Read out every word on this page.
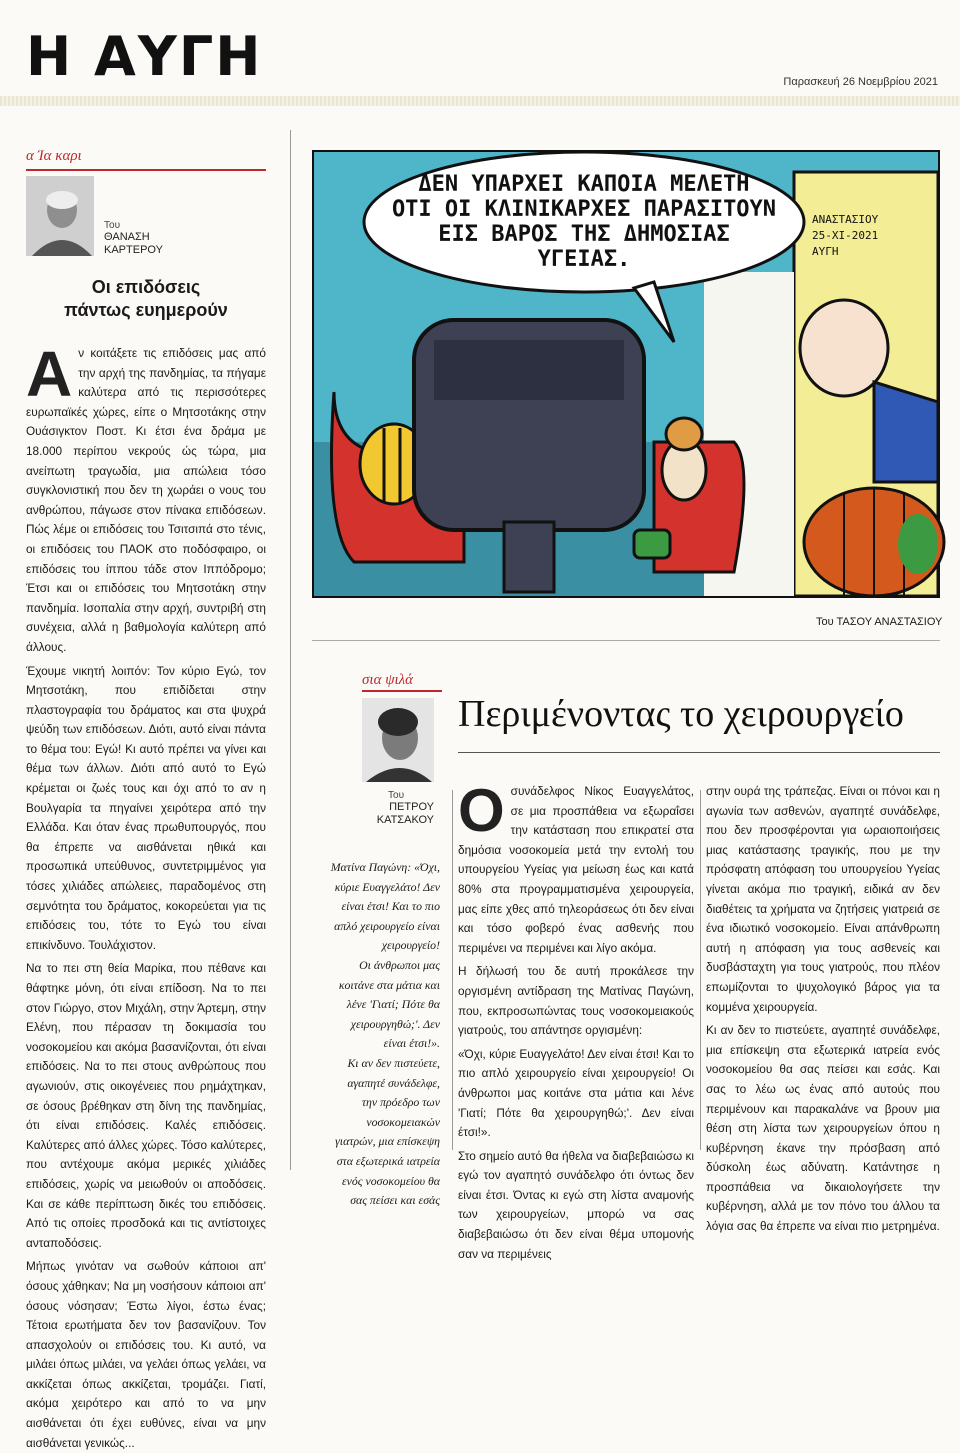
Η ΑΥΓΗ	Παρασκευή 26 Νοεμβρίου 2021
α Ία καρι
Του
ΘΑΝΑΣΗ
ΚΑΡΤΕΡΟΥ
Οι επιδόσεις
πάντως ευημερούν

Αν κοιτάξετε τις επιδόσεις μας από την αρχή της πανδημίας, τα πήγαμε καλύτερα από τις περισσότερες ευρωπαϊκές χώρες, είπε ο Μητσοτάκης στην Ουάσιγκτον Ποστ. Κι έτσι ένα δράμα με 18.000 περίπου νεκρούς ώς τώρα, μια ανείπωτη τραγωδία, μια απώλεια τόσο συγκλονιστική που δεν τη χωράει ο νους του ανθρώπου, πάγωσε στον πίνακα επιδόσεων. Πώς λέμε οι επιδόσεις του Τσιτσιπά στο τένις, οι επιδόσεις του ΠΑΟΚ στο ποδόσφαιρο, οι επιδόσεις του ίππου τάδε στον Ιππόδρομο; Έτσι και οι επιδόσεις του Μητσοτάκη στην πανδημία. Ισοπαλία στην αρχή, συντριβή στη συνέχεια, αλλά η βαθμολογία καλύτερη από άλλους.

Έχουμε νικητή λοιπόν: Τον κύριο Εγώ, τον Μητσοτάκη, που επιδίδεται στην πλαστογραφία του δράματος και στα ψυχρά ψεύδη των επιδόσεων. Διότι, αυτό είναι πάντα το θέμα του: Εγώ! Κι αυτό πρέπει να γίνει και θέμα των άλλων. Διότι από αυτό το Εγώ κρέμεται οι ζωές τους και όχι από το αν η Βουλγαρία τα πηγαίνει χειρότερα από την Ελλάδα. Και όταν ένας πρωθυπουργός, που θα έπρεπε να αισθάνεται ηθικά και προσωπικά υπεύθυνος, συντετριμμένος για τόσες χιλιάδες απώλειες, παραδομένος στη σεμνότητα του δράματος, κοκορεύεται για τις επιδόσεις του, τότε το Εγώ του είναι επικίνδυνο. Τουλάχιστον.

Να το πει στη θεία Μαρίκα, που πέθανε και θάφτηκε μόνη, ότι είναι επίδοση. Να το πει στον Γιώργο, στον Μιχάλη, στην Άρτεμη, στην Ελένη, που πέρασαν τη δοκιμασία του νοσοκομείου και ακόμα βασανίζονται, ότι είναι επιδόσεις. Να το πει στους ανθρώπους που αγωνιούν, στις οικογένειες που ρημάχτηκαν, σε όσους βρέθηκαν στη δίνη της πανδημίας, ότι είναι επιδόσεις. Καλές επιδόσεις. Καλύτερες από άλλες χώρες. Τόσο καλύτερες, που αντέχουμε ακόμα μερικές χιλιάδες επιδόσεις, χωρίς να μειωθούν οι αποδόσεις. Και σε κάθε περίπτωση δικές του επιδόσεις. Από τις οποίες προσδοκά και τις αντίστοιχες ανταποδόσεις.

Μήπως γινόταν να σωθούν κάποιοι απ' όσους χάθηκαν; Να μη νοσήσουν κάποιοι απ' όσους νόσησαν; Έστω λίγοι, έστω ένας; Τέτοια ερωτήματα δεν τον βασανίζουν. Τον απασχολούν οι επιδόσεις του. Κι αυτό, να μιλάει όπως μιλάει, να γελάει όπως γελάει, να ακκίζεται όπως ακκίζεται, τρομάζει. Γιατί, ακόμα χειρότερο και από το να μην αισθάνεται ότι έχει ευθύνες, είναι να μην αισθάνεται γενικώς...

ΔΕΝ ΥΠΑΡΧΕΙ ΚΑΠΟΙΑ ΜΕΛΕΤΗ
ΟΤΙ ΟΙ ΚΛΙΝΙΚΑΡΧΕΣ ΠΑΡΑΣΙΤΟΥΝ
ΕΙΣ ΒΑΡΟΣ ΤΗΣ ΔΗΜΟΣΙΑΣ
ΥΓΕΙΑΣ.
ΑΝΑΣΤΑΣΙΟΥ
25-XI-2021
ΑΥΓΗ
Του ΤΑΣΟΥ ΑΝΑΣΤΑΣΙΟΥ
σια ψιλά
Του
ΠΕΤΡΟΥ
ΚΑΤΣΑΚΟΥ
Περιμένοντας το χειρουργείο

Ματίνα Παγώνη: «Όχι, κύριε Ευαγγελάτο! Δεν είναι έτσι! Και το πιο απλό χειρουργείο είναι χειρουργείο!

Οι άνθρωποι μας κοιτάνε στα μάτια και λένε 'Γιατί; Πότε θα χειρουργηθώ;'. Δεν είναι έτσι!».

Κι αν δεν πιστεύετε, αγαπητέ συνάδελφε, την πρόεδρο των νοσοκομειακών γιατρών, μια επίσκεψη στα εξωτερικά ιατρεία ενός νοσοκομείου θα σας πείσει και εσάς

Οσυνάδελφος Νίκος Ευαγγελάτος, σε μια προσπάθεια να εξωραΐσει την κατάσταση που επικρατεί στα δημόσια νοσοκομεία μετά την εντολή του υπουργείου Υγείας για μείωση έως και κατά 80% στα προγραμματισμένα χειρουργεία, μας είπε χθες από τηλεοράσεως ότι δεν είναι και τόσο φοβερό ένας ασθενής που περιμένει να περιμένει και λίγο ακόμα.

Η δήλωσή του δε αυτή προκάλεσε την οργισμένη αντίδραση της Ματίνας Παγώνη, που, εκπροσωπώντας τους νοσοκομειακούς γιατρούς, του απάντησε οργισμένη:

«Όχι, κύριε Ευαγγελάτο! Δεν είναι έτσι! Και το πιο απλό χειρουργείο είναι χειρουργείο! Οι άνθρωποι μας κοιτάνε στα μάτια και λένε 'Γιατί; Πότε θα χειρουργηθώ;'. Δεν είναι έτσι!».

Στο σημείο αυτό θα ήθελα να διαβεβαιώσω κι εγώ τον αγαπητό συνάδελφο ότι όντως δεν είναι έτσι. Όντας κι εγώ στη λίστα αναμονής των χειρουργείων, μπορώ να σας διαβεβαιώσω ότι δεν είναι θέμα υπομονής σαν να περιμένεις

στην ουρά της τράπεζας. Είναι οι πόνοι και η αγωνία των ασθενών, αγαπητέ συνάδελφε, που δεν προσφέρονται για ωραιοποιήσεις μιας κατάστασης τραγικής, που με την πρόσφατη απόφαση του υπουργείου Υγείας γίνεται ακόμα πιο τραγική, ειδικά αν δεν διαθέτεις τα χρήματα να ζητήσεις γιατρειά σε ένα ιδιωτικό νοσοκομείο. Είναι απάνθρωπη αυτή η απόφαση για τους ασθενείς και δυσβάσταχτη για τους γιατρούς, που πλέον επωμίζονται το ψυχολογικό βάρος για τα κομμένα χειρουργεία.

Κι αν δεν το πιστεύετε, αγαπητέ συνάδελφε, μια επίσκεψη στα εξωτερικά ιατρεία ενός νοσοκομείου θα σας πείσει και εσάς. Και σας το λέω ως ένας από αυτούς που περιμένουν και παρακαλάνε να βρουν μια θέση στη λίστα των χειρουργείων όπου η κυβέρνηση έκανε την πρόσβαση από δύσκολη έως αδύνατη. Κατάντησε η προσπάθεια να δικαιολογήσετε την κυβέρνηση, αλλά με τον πόνο του άλλου τα λόγια σας θα έπρεπε να είναι πιο μετρημένα.
